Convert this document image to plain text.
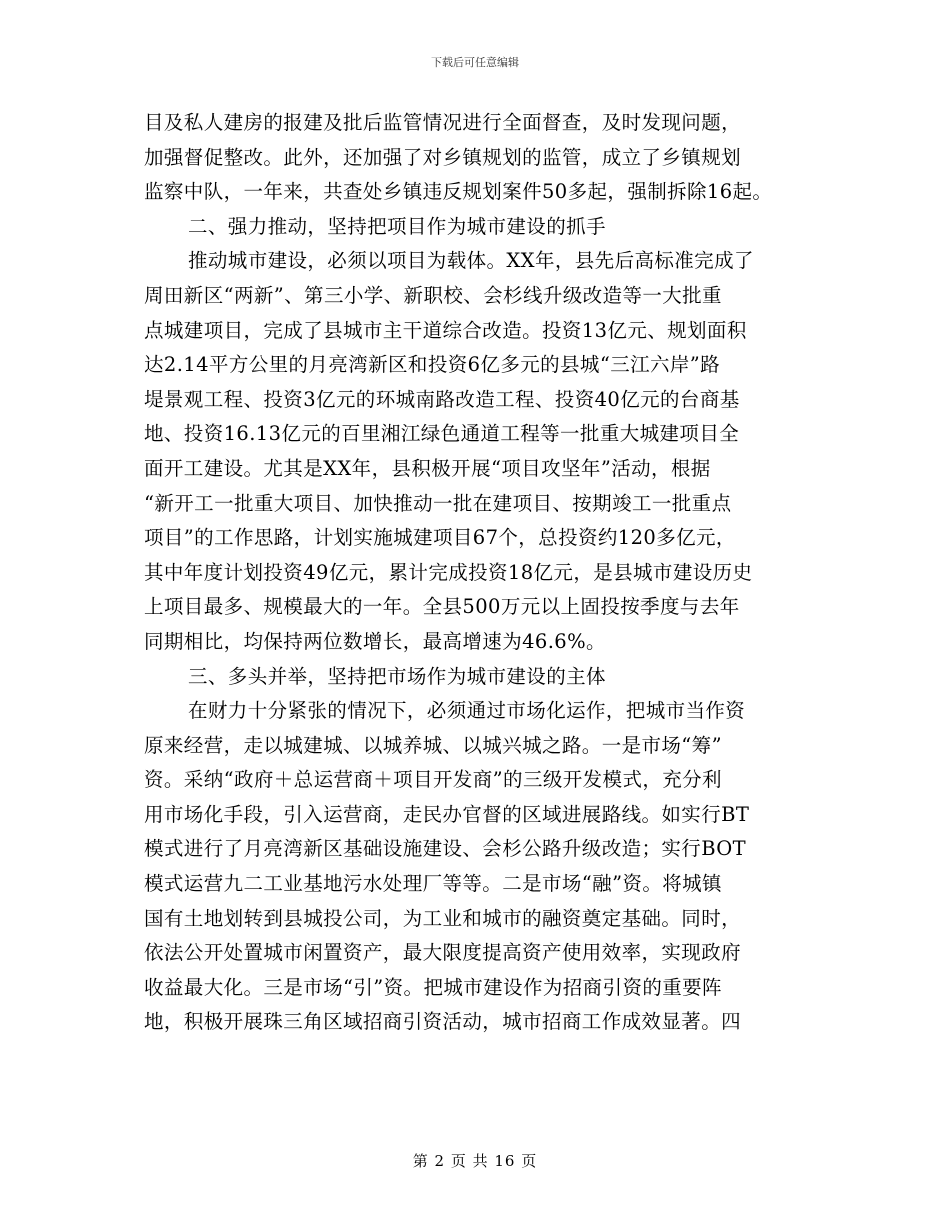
下载后可任意编辑
目及私人建房的报建及批后监管情况进行全面督查，及时发现问题，
加强督促整改。此外，还加强了对乡镇规划的监管，成立了乡镇规划
监察中队，一年来，共查处乡镇违反规划案件50多起，强制拆除16起。
二、强力推动，坚持把项目作为城市建设的抓手
推动城市建设，必须以项目为载体。XX年，县先后高标准完成了
周田新区“两新”、第三小学、新职校、会杉线升级改造等一大批重
点城建项目，完成了县城市主干道综合改造。投资13亿元、规划面积
达2.14平方公里的月亮湾新区和投资6亿多元的县城“三江六岸”路
堤景观工程、投资3亿元的环城南路改造工程、投资40亿元的台商基
地、投资16.13亿元的百里湘江绿色通道工程等一批重大城建项目全
面开工建设。尤其是XX年，县积极开展“项目攻坚年”活动，根据
“新开工一批重大项目、加快推动一批在建项目、按期竣工一批重点
项目”的工作思路，计划实施城建项目67个，总投资约120多亿元，
其中年度计划投资49亿元，累计完成投资18亿元，是县城市建设历史
上项目最多、规模最大的一年。全县500万元以上固投按季度与去年
同期相比，均保持两位数增长，最高增速为46.6%。
三、多头并举，坚持把市场作为城市建设的主体
在财力十分紧张的情况下，必须通过市场化运作，把城市当作资
原来经营，走以城建城、以城养城、以城兴城之路。一是市场“筹”
资。采纳“政府＋总运营商＋项目开发商”的三级开发模式，充分利
用市场化手段，引入运营商，走民办官督的区域进展路线。如实行BT
模式进行了月亮湾新区基础设施建设、会杉公路升级改造；实行BOT
模式运营九二工业基地污水处理厂等等。二是市场“融”资。将城镇
国有土地划转到县城投公司，为工业和城市的融资奠定基础。同时，
依法公开处置城市闲置资产，最大限度提高资产使用效率，实现政府
收益最大化。三是市场“引”资。把城市建设作为招商引资的重要阵
地，积极开展珠三角区域招商引资活动，城市招商工作成效显著。四
第 2 页 共 16 页
